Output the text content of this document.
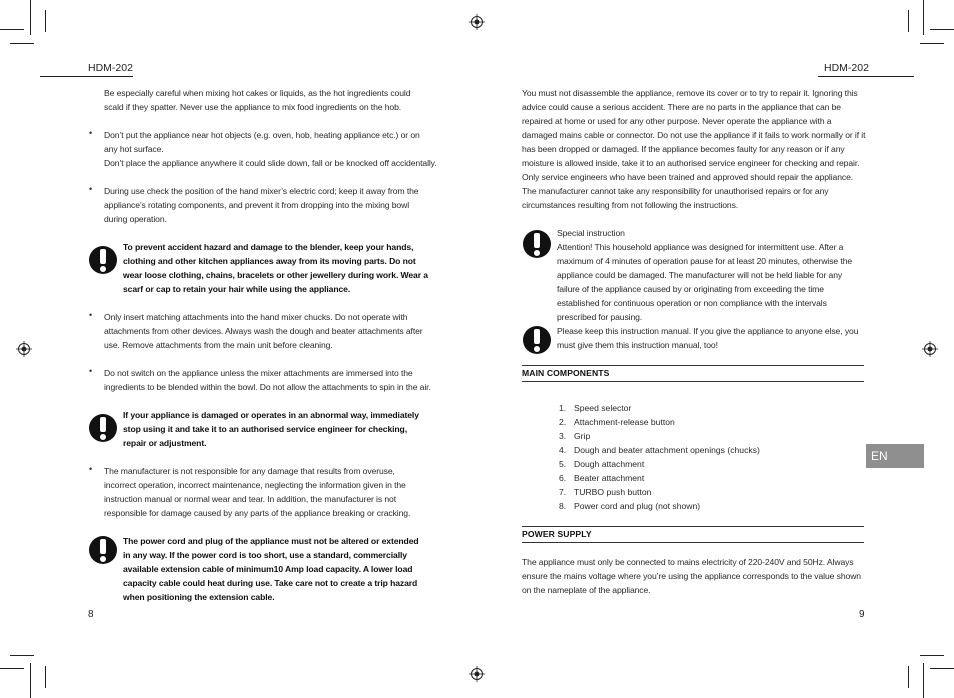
HDM-202
Be especially careful when mixing hot cakes or liquids, as the hot ingredients could scald if they spatter. Never use the appliance to mix food ingredients on the hob.
• Don’t put the appliance near hot objects (e.g. oven, hob, heating appliance etc.) or on any hot surface.
Don’t place the appliance anywhere it could slide down, fall or be knocked off accidentally.
• During use check the position of the hand mixer’s electric cord; keep it away from the appliance’s rotating components, and prevent it from dropping into the mixing bowl during operation.
To prevent accident hazard and damage to the blender, keep your hands, clothing and other kitchen appliances away from its moving parts. Do not wear loose clothing, chains, bracelets or other jewellery during work. Wear a scarf or cap to retain your hair while using the appliance.
• Only insert matching attachments into the hand mixer chucks. Do not operate with attachments from other devices. Always wash the dough and beater attachments after use. Remove attachments from the main unit before cleaning.
• Do not switch on the appliance unless the mixer attachments are immersed into the ingredients to be blended within the bowl. Do not allow the attachments to spin in the air.
If your appliance is damaged or operates in an abnormal way, immediately stop using it and take it to an authorised service engineer for checking, repair or adjustment.
• The manufacturer is not responsible for any damage that results from overuse, incorrect operation, incorrect maintenance, neglecting the information given in the instruction manual or normal wear and tear. In addition, the manufacturer is not responsible for damage caused by any parts of the appliance breaking or cracking.
The power cord and plug of the appliance must not be altered or extended in any way. If the power cord is too short, use a standard, commercially available extension cable of minimum10 Amp load capacity. A lower load capacity cable could heat during use. Take care not to create a trip hazard when positioning the extension cable.
8
HDM-202
You must not disassemble the appliance, remove its cover or to try to repair it. Ignoring this advice could cause a serious accident. There are no parts in the appliance that can be repaired at home or used for any other purpose. Never operate the appliance with a damaged mains cable or connector. Do not use the appliance if it fails to work normally or if it has been dropped or damaged. If the appliance becomes faulty for any reason or if any moisture is allowed inside, take it to an authorised service engineer for checking and repair. Only service engineers who have been trained and approved should repair the appliance. The manufacturer cannot take any responsibility for unauthorised repairs or for any circumstances resulting from not following the instructions.
Special instruction
Attention! This household appliance was designed for intermittent use. After a maximum of 4 minutes of operation pause for at least 20 minutes, otherwise the appliance could be damaged. The manufacturer will not be held liable for any failure of the appliance caused by or originating from exceeding the time established for continuous operation or non compliance with the intervals prescribed for pausing.
Please keep this instruction manual. If you give the appliance to anyone else, you must give them this instruction manual, too!
MAIN COMPONENTS
1. Speed selector
2. Attachment-release button
3. Grip
4. Dough and beater attachment openings (chucks)
5. Dough attachment
6. Beater attachment
7. TURBO push button
8. Power cord and plug (not shown)
POWER SUPPLY
The appliance must only be connected to mains electricity of 220-240V and 50Hz. Always ensure the mains voltage where you’re using the appliance corresponds to the value shown on the nameplate of the appliance.
9
EN
